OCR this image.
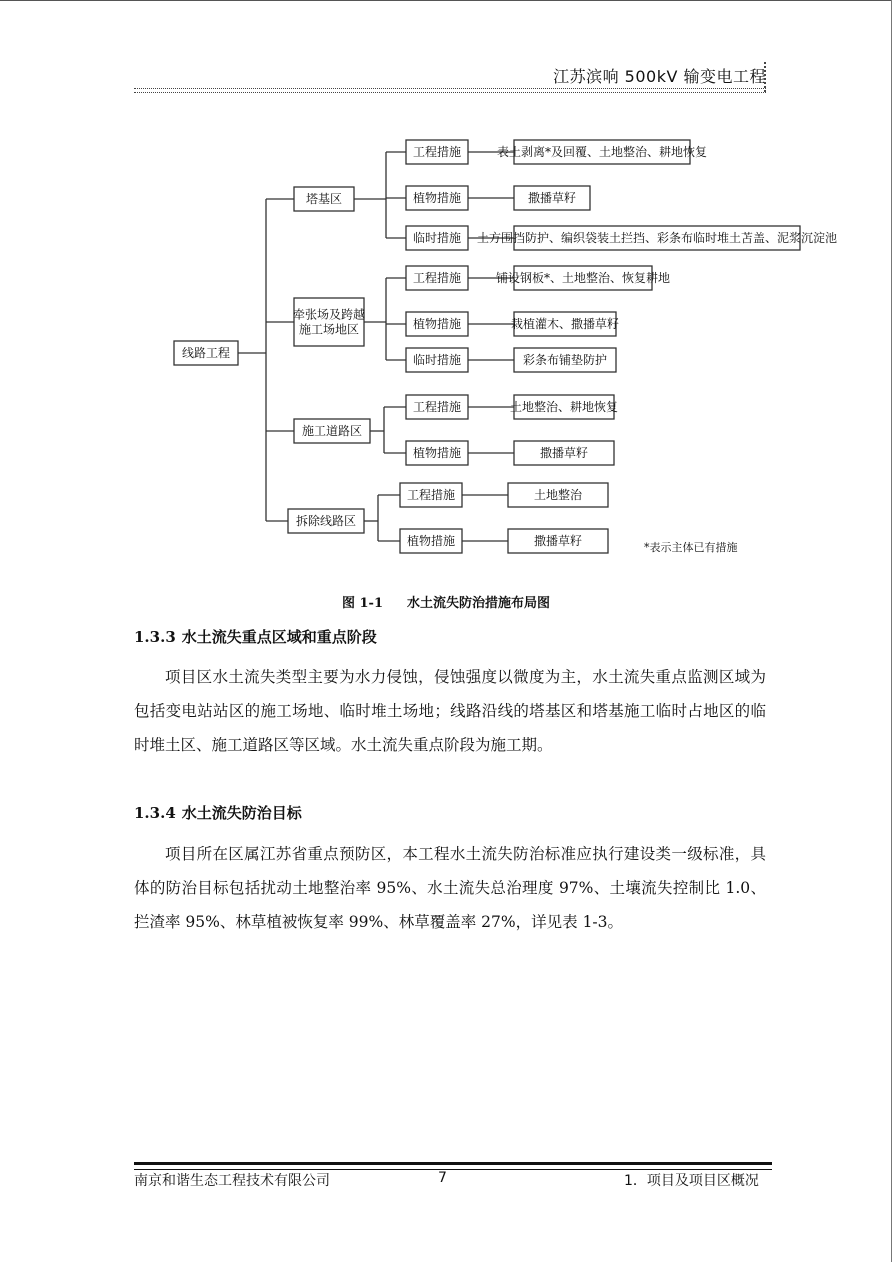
江苏滨响 500kV 输变电工程
线路工程
塔基区
工程措施	表土剥离*及回覆、土地整治、耕地恢复
植物措施	撒播草籽
临时措施 土方围挡防护、编织袋装土拦挡、彩条布临时堆土苫盖、泥浆沉淀池
牵张场及跨越
施工场地区
工程措施	铺设钢板*、土地整治、恢复耕地
植物措施	栽植灌木、撒播草籽
临时措施	彩条布铺垫防护
施工道路区
工程措施	土地整治、耕地恢复
植物措施	撒播草籽
拆除线路区
工程措施	土地整治
植物措施	撒播草籽	*表示主体已有措施
图 1-1 水土流失防治措施布局图
1.3.3 水土流失重点区域和重点阶段

项目区水土流失类型主要为水力侵蚀，侵蚀强度以微度为主，水土流失重点监测区域为包括变电站站区的施工场地、临时堆土场地；线路沿线的塔基区和塔基施工临时占地区的临时堆土区、施工道路区等区域。水土流失重点阶段为施工期。

1.3.4 水土流失防治目标

项目所在区属江苏省重点预防区，本工程水土流失防治标准应执行建设类一级标准，具体的防治目标包括扰动土地整治率 95%、水土流失总治理度 97%、土壤流失控制比 1.0、拦渣率 95%、林草植被恢复率 99%、林草覆盖率 27%，详见表 1-3。

南京和谐生态工程技术有限公司	7	1．项目及项目区概况
